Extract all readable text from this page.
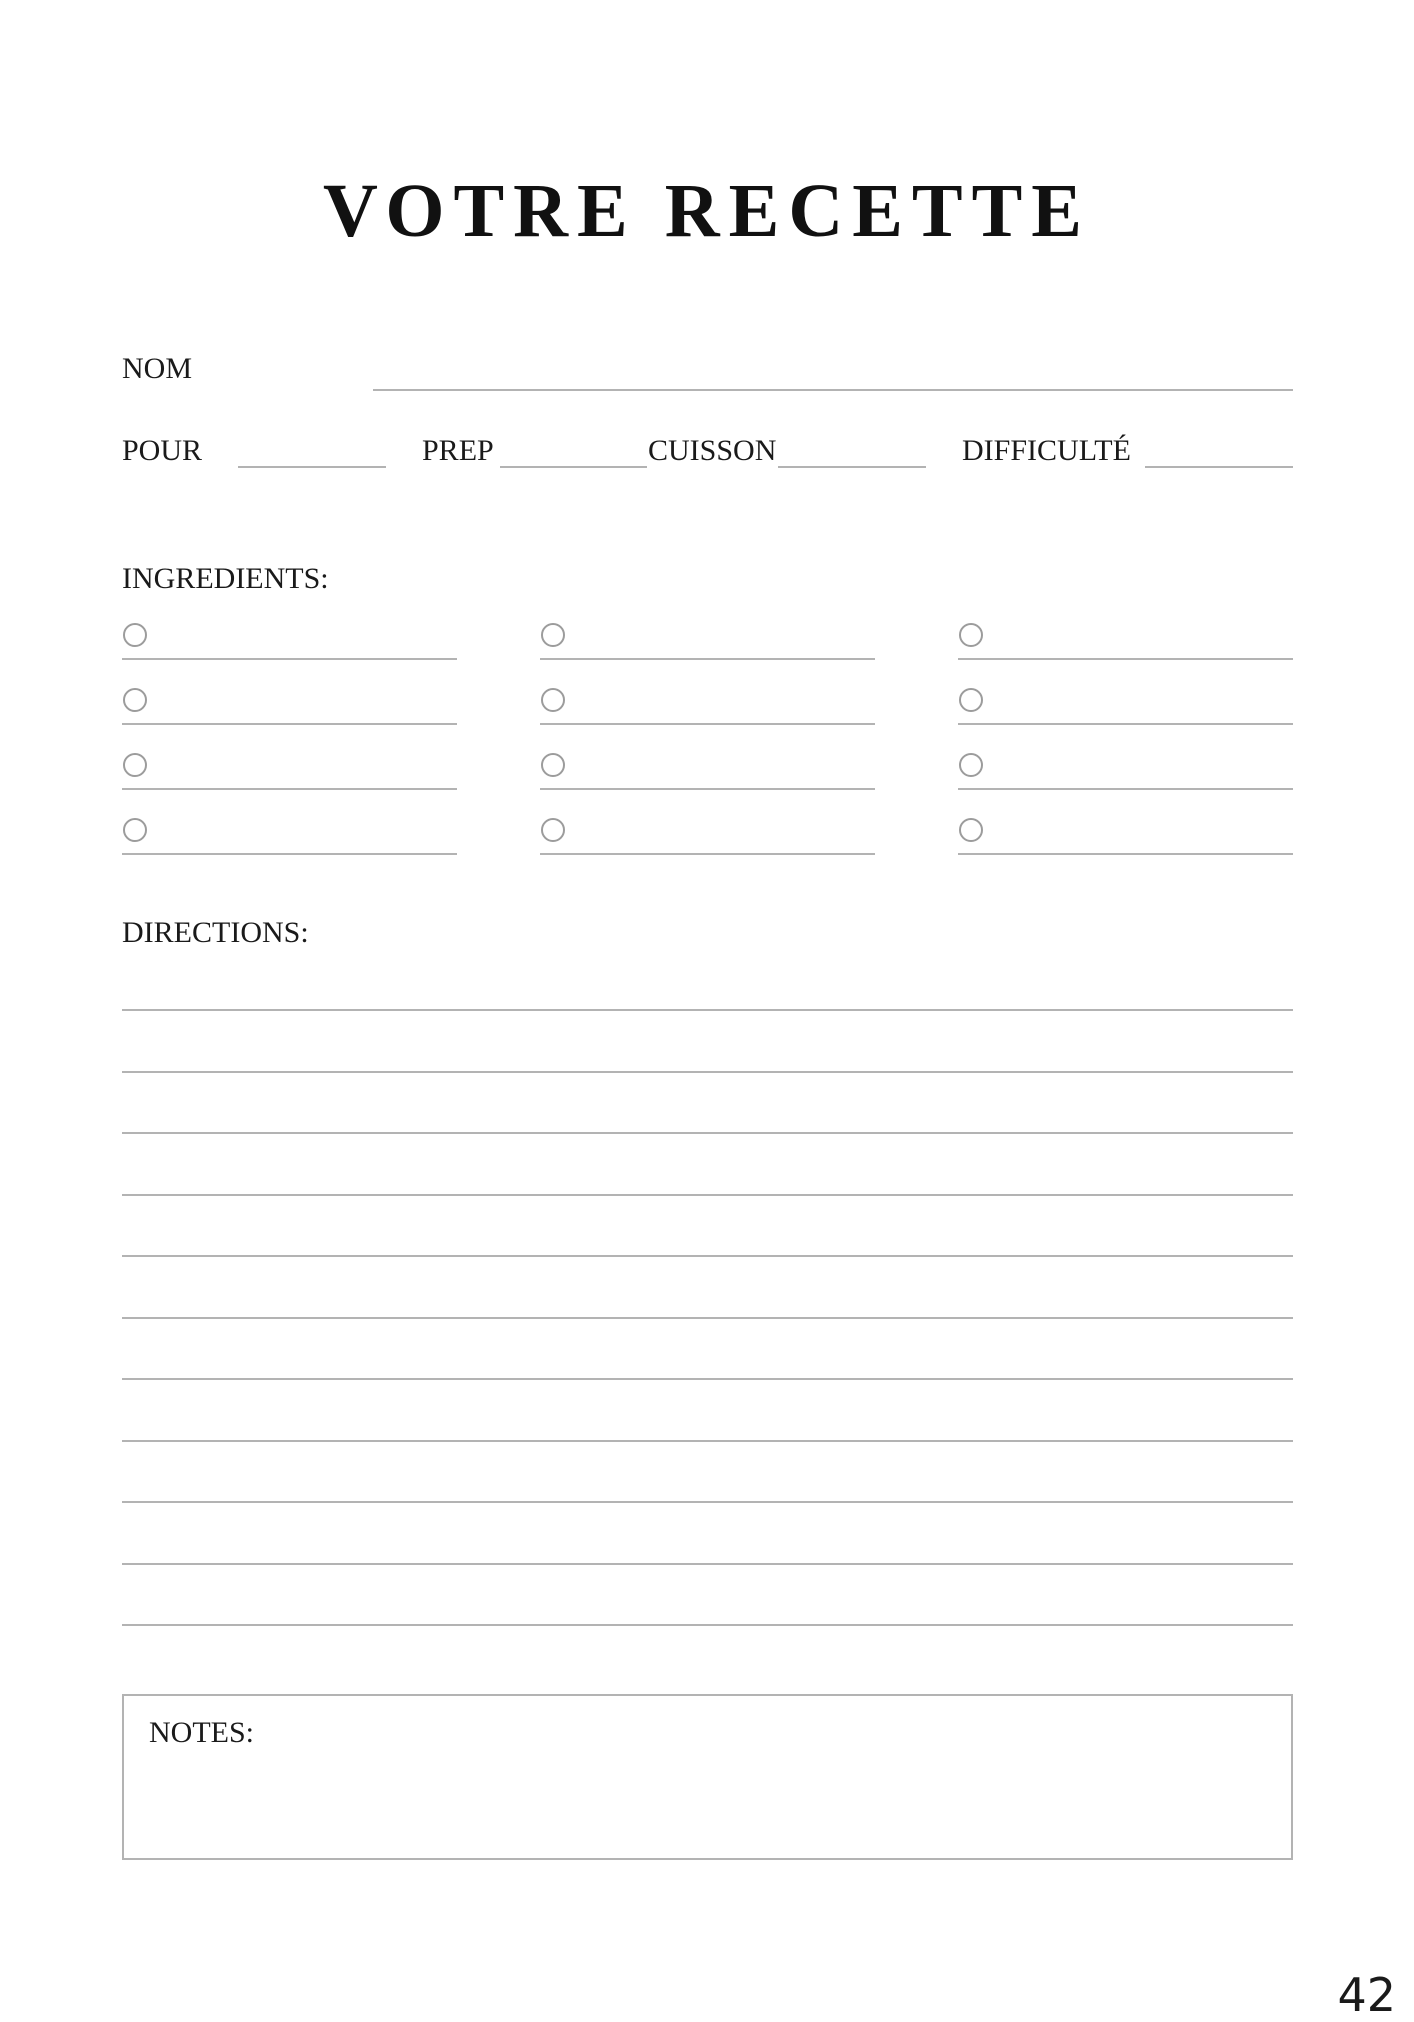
VOTRE RECETTE
NOM
POUR	PREP	CUISSON	DIFFICULTÉ
INGREDIENTS:
DIRECTIONS:
NOTES:
42
